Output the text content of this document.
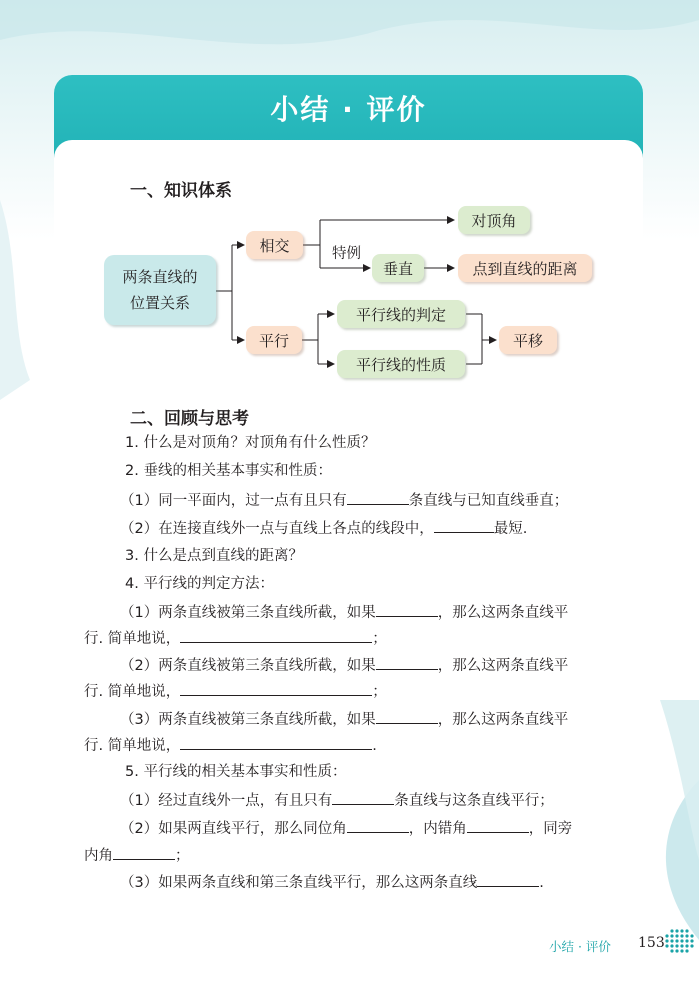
小结 · 评价
一、知识体系
两条直线的
位置关系
相交
平行
特例
对顶角
垂直	点到直线的距离
平行线的判定
平行线的性质
平移
二、回顾与思考
1. 什么是对顶角？对顶角有什么性质？
2. 垂线的相关基本事实和性质：
（1）同一平面内，过一点有且只有	条直线与已知直线垂直；
（2）在连接直线外一点与直线上各点的线段中，	最短.
3. 什么是点到直线的距离？
4. 平行线的判定方法：
（1）两条直线被第三条直线所截，如果	，那么这两条直线平
行. 简单地说，	；
（2）两条直线被第三条直线所截，如果	，那么这两条直线平
行. 简单地说，	；
（3）两条直线被第三条直线所截，如果	，那么这两条直线平
行. 简单地说，	.
5. 平行线的相关基本事实和性质：
（1）经过直线外一点，有且只有	条直线与这条直线平行；
（2）如果两直线平行，那么同位角	，内错角	，同旁
内角	；
（3）如果两条直线和第三条直线平行，那么这两条直线	.
小结 · 评价 153
